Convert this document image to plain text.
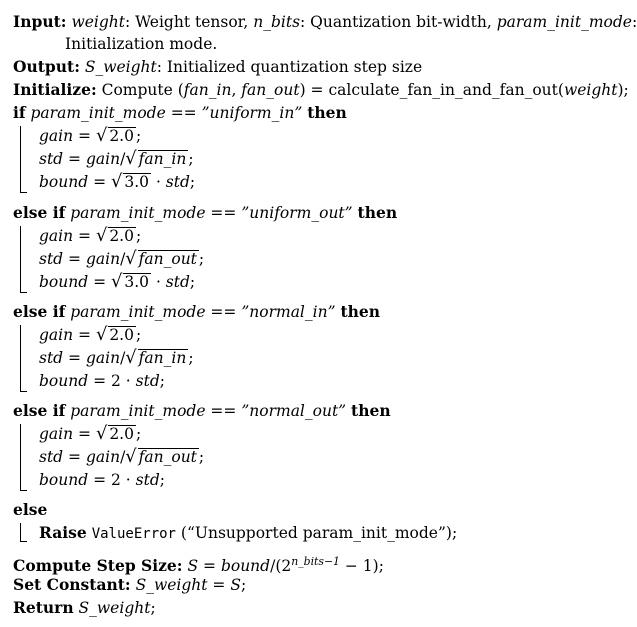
Input: weight: Weight tensor, n_bits: Quantization bit-width, param_init_mode:
Initialization mode.
Output: S_weight: Initialized quantization step size
Initialize: Compute (fan_in, fan_out) = calculate_fan_in_and_fan_out(weight);
if param_init_mode == ”uniform_in” then
gain = √ 2.0 ;
std = gain/ √ fan_in ;
bound = √ 3.0 · std;
else if param_init_mode == ”uniform_out” then
gain = √ 2.0 ;
std = gain/ √ fan_out ;
bound = √ 3.0 · std;
else if param_init_mode == ”normal_in” then
gain = √ 2.0 ;
std = gain/ √ fan_in ;
bound = 2 · std;
else if param_init_mode == ”normal_out” then
gain = √ 2.0 ;
std = gain/ √ fan_out ;
bound = 2 · std;
else
Raise ValueError (“Unsupported param_init_mode”);
Compute Step Size: S = bound/$(2^{n\_bits-1} - 1)$;
Set Constant: S_weight = S;
Return S_weight;
